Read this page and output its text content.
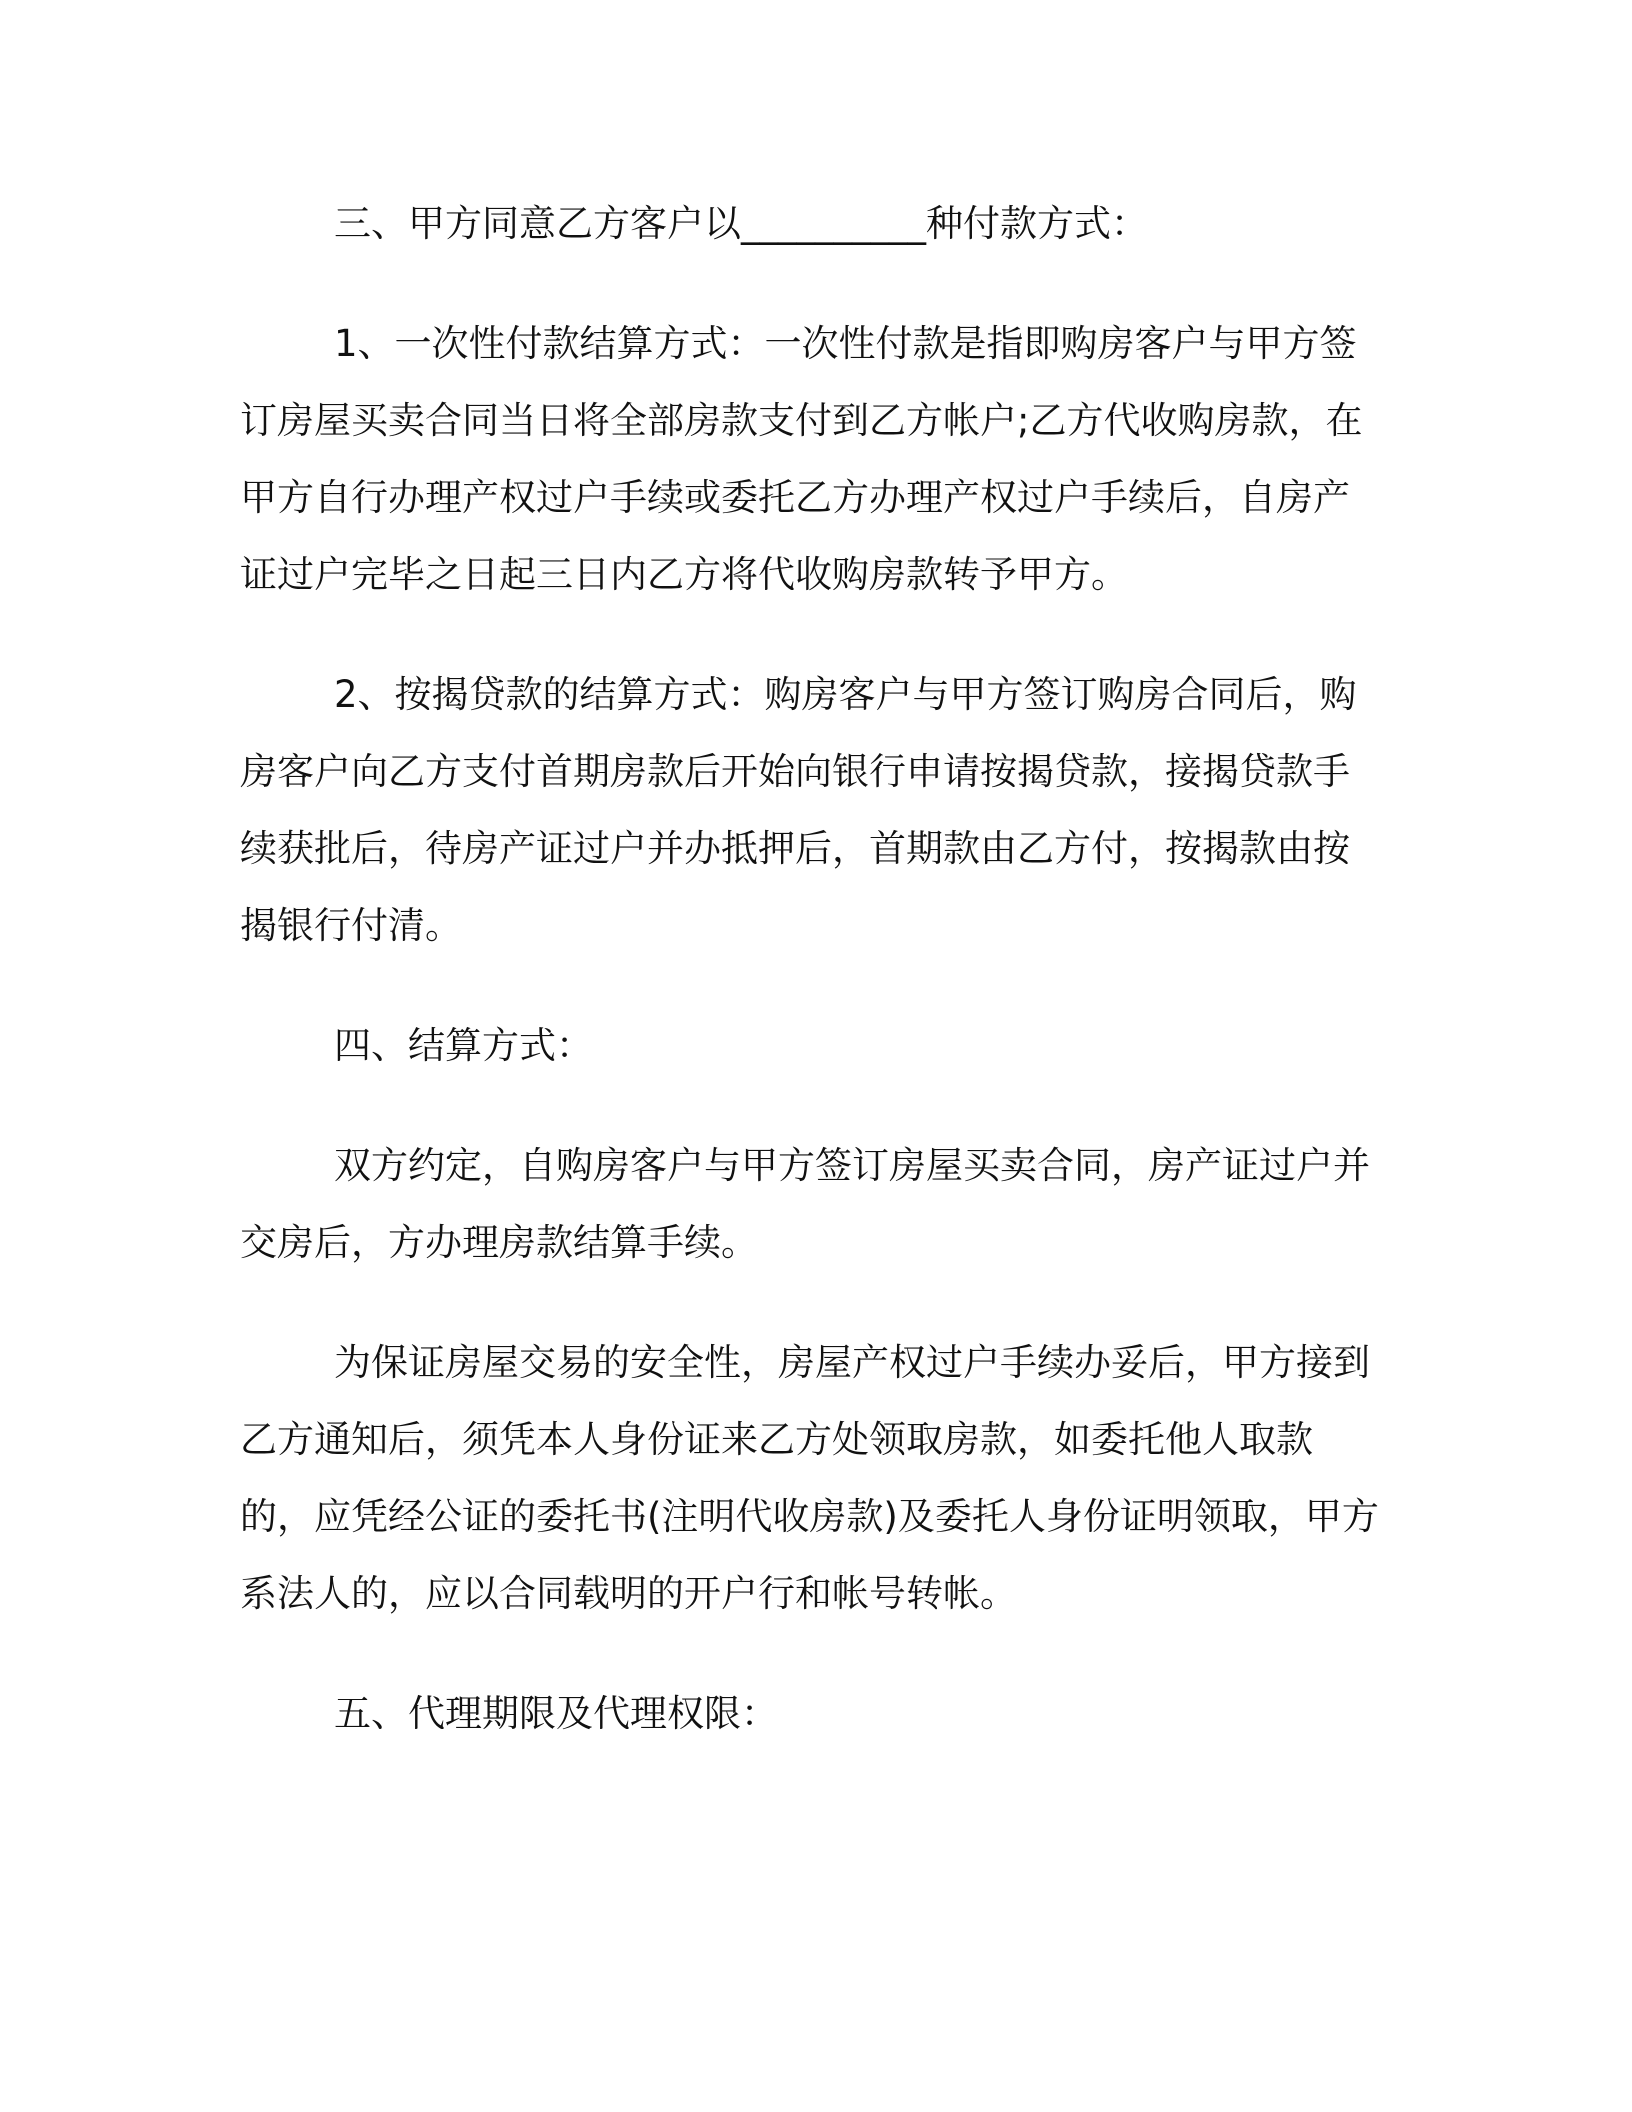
三、甲方同意乙方客户以__________种付款方式：

1、一次性付款结算方式：一次性付款是指即购房客户与甲方签订房屋买卖合同当日将全部房款支付到乙方帐户;乙方代收购房款，在甲方自行办理产权过户手续或委托乙方办理产权过户手续后，自房产证过户完毕之日起三日内乙方将代收购房款转予甲方。

2、按揭贷款的结算方式：购房客户与甲方签订购房合同后，购房客户向乙方支付首期房款后开始向银行申请按揭贷款，接揭贷款手续获批后，待房产证过户并办抵押后，首期款由乙方付，按揭款由按揭银行付清。

四、结算方式：

双方约定，自购房客户与甲方签订房屋买卖合同，房产证过户并交房后，方办理房款结算手续。

为保证房屋交易的安全性，房屋产权过户手续办妥后，甲方接到乙方通知后，须凭本人身份证来乙方处领取房款，如委托他人取款的，应凭经公证的委托书(注明代收房款)及委托人身份证明领取，甲方系法人的，应以合同载明的开户行和帐号转帐。

五、代理期限及代理权限：
